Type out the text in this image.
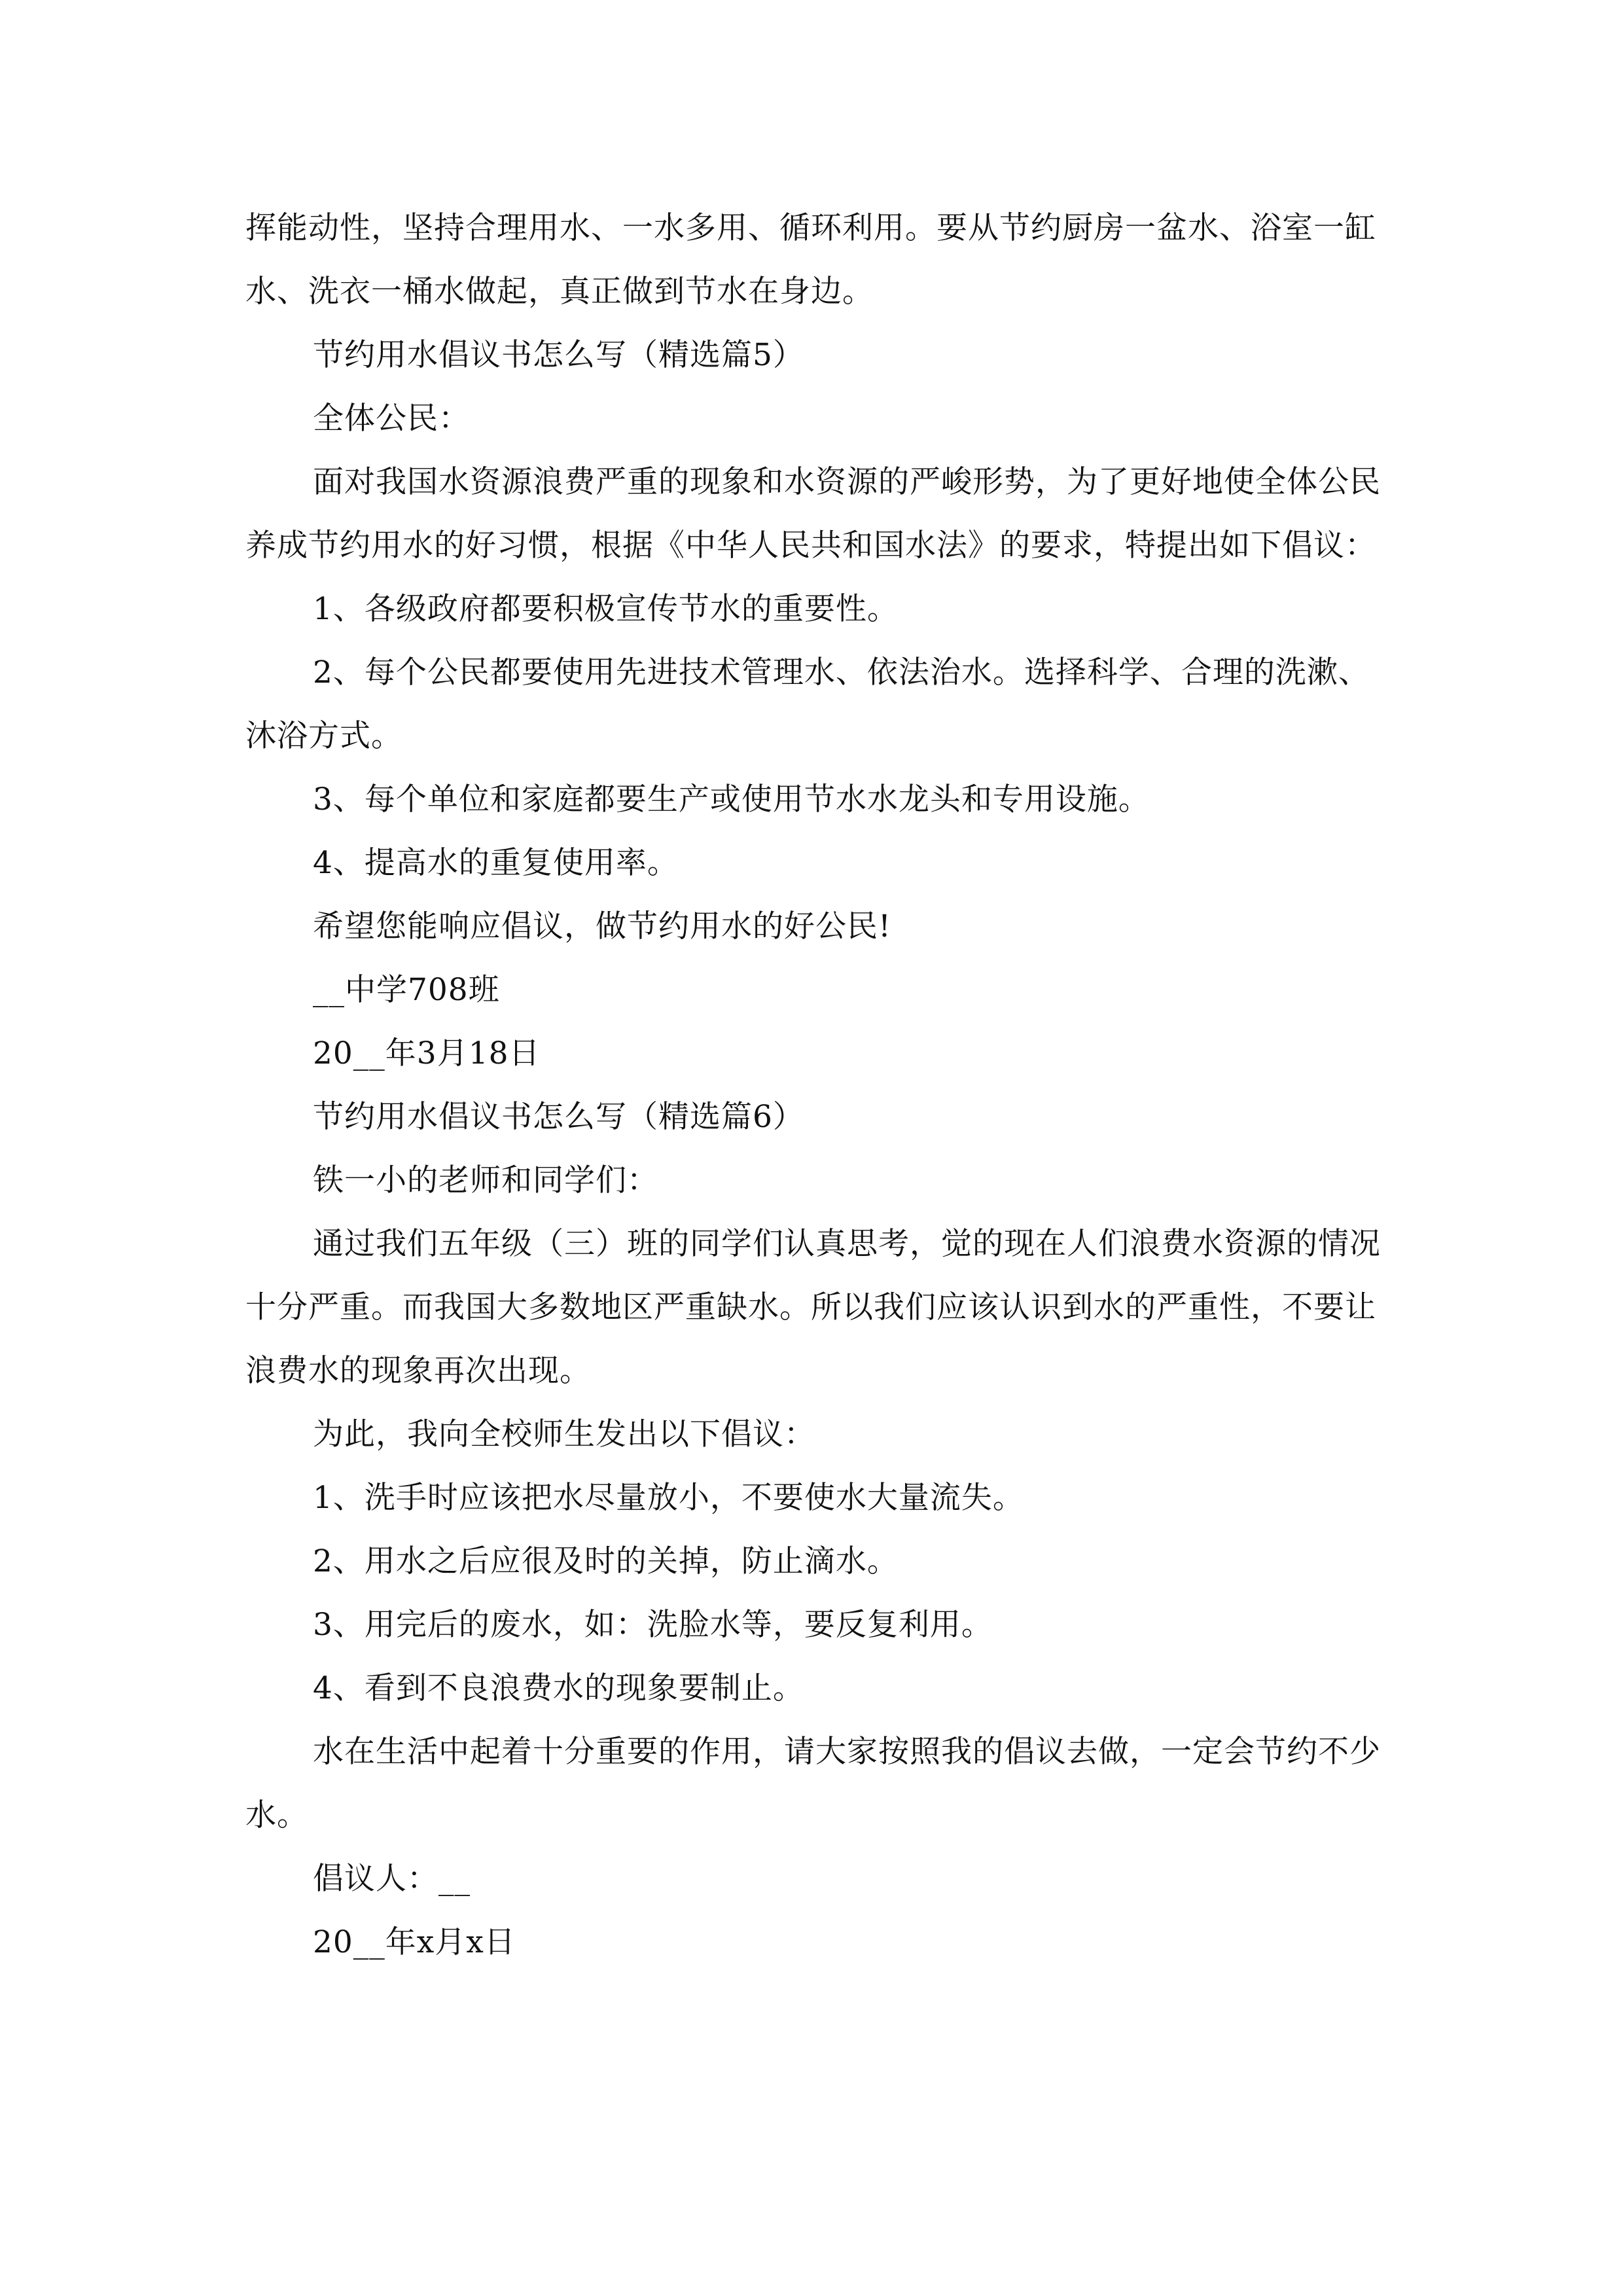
挥能动性，坚持合理用水、一水多用、循环利用。要从节约厨房一盆水、浴室一缸水、洗衣一桶水做起，真正做到节水在身边。

节约用水倡议书怎么写（精选篇5）

全体公民：

面对我国水资源浪费严重的现象和水资源的严峻形势，为了更好地使全体公民养成节约用水的好习惯，根据《中华人民共和国水法》的要求，特提出如下倡议：

1、各级政府都要积极宣传节水的重要性。

2、每个公民都要使用先进技术管理水、依法治水。选择科学、合理的洗漱、沐浴方式。

3、每个单位和家庭都要生产或使用节水水龙头和专用设施。

4、提高水的重复使用率。

希望您能响应倡议，做节约用水的好公民!

__中学708班

20__年3月18日

节约用水倡议书怎么写（精选篇6）

铁一小的老师和同学们：

通过我们五年级（三）班的同学们认真思考，觉的现在人们浪费水资源的情况十分严重。而我国大多数地区严重缺水。所以我们应该认识到水的严重性，不要让浪费水的现象再次出现。

为此，我向全校师生发出以下倡议：

1、洗手时应该把水尽量放小，不要使水大量流失。

2、用水之后应很及时的关掉，防止滴水。

3、用完后的废水，如：洗脸水等，要反复利用。

4、看到不良浪费水的现象要制止。

水在生活中起着十分重要的作用，请大家按照我的倡议去做，一定会节约不少水。

倡议人：__

20__年x月x日
